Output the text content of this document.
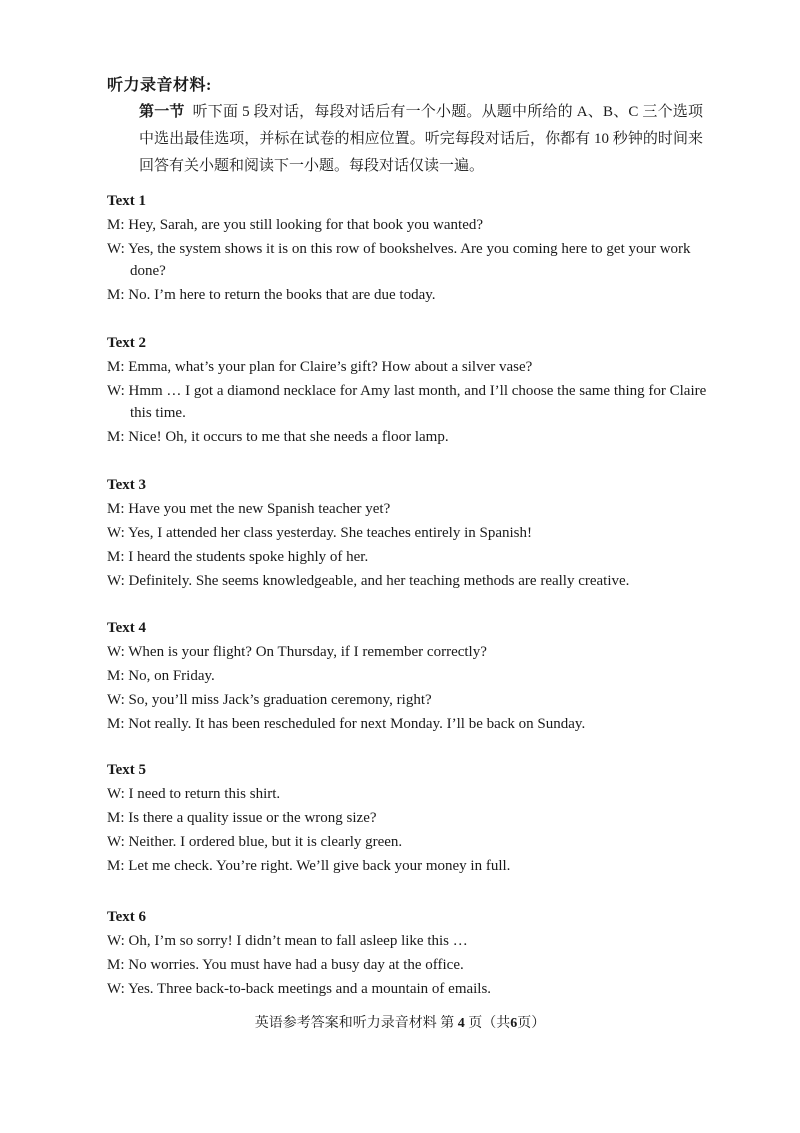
听力录音材料:
第一节 听下面 5 段对话，每段对话后有一个小题。从题中所给的 A、B、C 三个选项中选出最佳选项，并标在试卷的相应位置。听完每段对话后，你都有 10 秒钟的时间来回答有关小题和阅读下一小题。每段对话仅读一遍。
Text 1
M: Hey, Sarah, are you still looking for that book you wanted?
W: Yes, the system shows it is on this row of bookshelves. Are you coming here to get your work done?
M: No. I’m here to return the books that are due today.
Text 2
M: Emma, what’s your plan for Claire’s gift? How about a silver vase?
W: Hmm … I got a diamond necklace for Amy last month, and I’ll choose the same thing for Claire this time.
M: Nice! Oh, it occurs to me that she needs a floor lamp.
Text 3
M: Have you met the new Spanish teacher yet?
W: Yes, I attended her class yesterday. She teaches entirely in Spanish!
M: I heard the students spoke highly of her.
W: Definitely. She seems knowledgeable, and her teaching methods are really creative.
Text 4
W: When is your flight? On Thursday, if I remember correctly?
M: No, on Friday.
W: So, you’ll miss Jack’s graduation ceremony, right?
M: Not really. It has been rescheduled for next Monday. I’ll be back on Sunday.
Text 5
W: I need to return this shirt.
M: Is there a quality issue or the wrong size?
W: Neither. I ordered blue, but it is clearly green.
M: Let me check. You’re right. We’ll give back your money in full.
Text 6
W: Oh, I’m so sorry! I didn’t mean to fall asleep like this …
M: No worries. You must have had a busy day at the office.
W: Yes. Three back-to-back meetings and a mountain of emails.
英语参考答案和听力录音材料 第 4 页（共6页）
